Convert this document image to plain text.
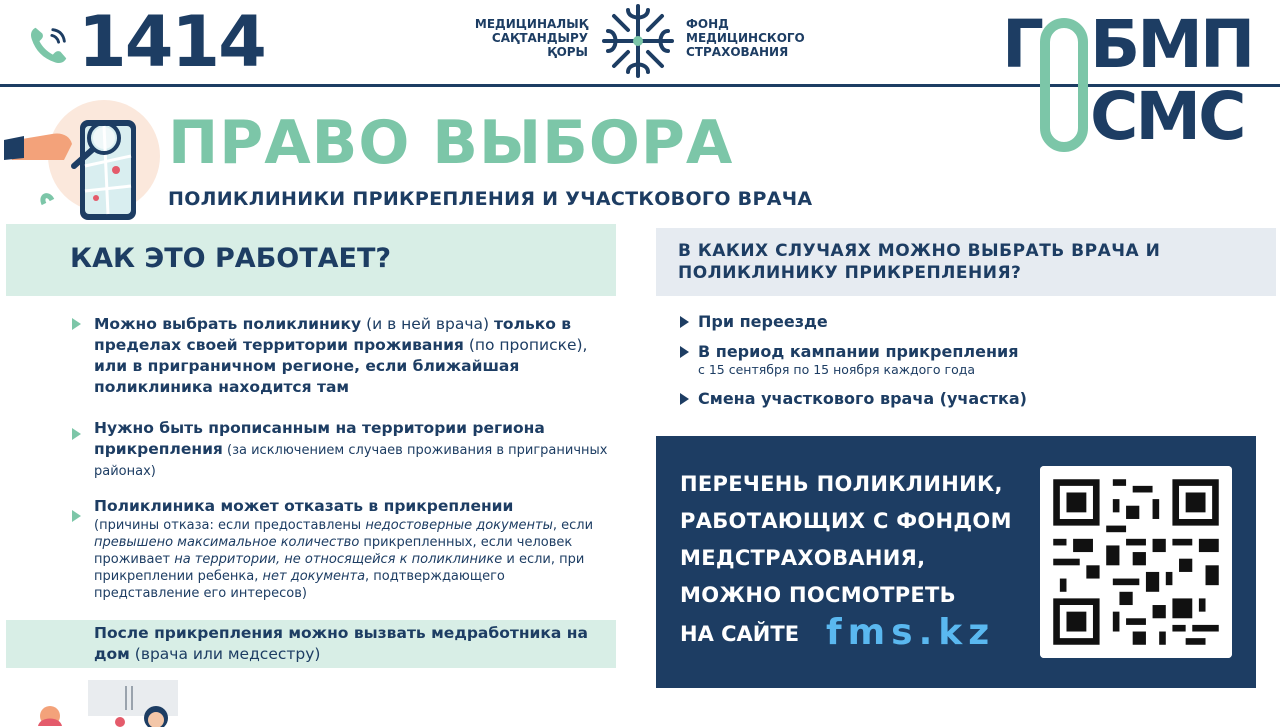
1414	МЕДИЦИНАЛЫҚ
САҚТАНДЫРУ
ҚОРЫ
ФОНД
МЕДИЦИНСКОГО
СТРАХОВАНИЯ	Г БМП
СМС
ПРАВО ВЫБОРА
ПОЛИКЛИНИКИ ПРИКРЕПЛЕНИЯ И УЧАСТКОВОГО ВРАЧА
КАК ЭТО РАБОТАЕТ?
Можно выбрать поликлинику (и в ней врача) только в пределах своей территории проживания (по прописке), или в приграничном регионе, если ближайшая поликлиника находится там
Нужно быть прописанным на территории региона прикрепления (за исключением случаев проживания в приграничных районах)
Поликлиника может отказать в прикреплении
(причины отказа: если предоставлены недостоверные документы, если превышено максимальное количество прикрепленных, если человек проживает на территории, не относящейся к поликлинике и если, при прикреплении ребенка, нет документа, подтверждающего представление его интересов)
После прикрепления можно вызвать медработника на дом (врача или медсестру)
В КАКИХ СЛУЧАЯХ МОЖНО ВЫБРАТЬ ВРАЧА И ПОЛИКЛИНИКУ ПРИКРЕПЛЕНИЯ?
При переезде
В период кампании прикрепления
с 15 сентября по 15 ноября каждого года
Смена участкового врача (участка)
ПЕРЕЧЕНЬ ПОЛИКЛИНИК,
РАБОТАЮЩИХ С ФОНДОМ
МЕДСТРАХОВАНИЯ,
МОЖНО ПОСМОТРЕТЬ
НА САЙТЕ fms.kz
